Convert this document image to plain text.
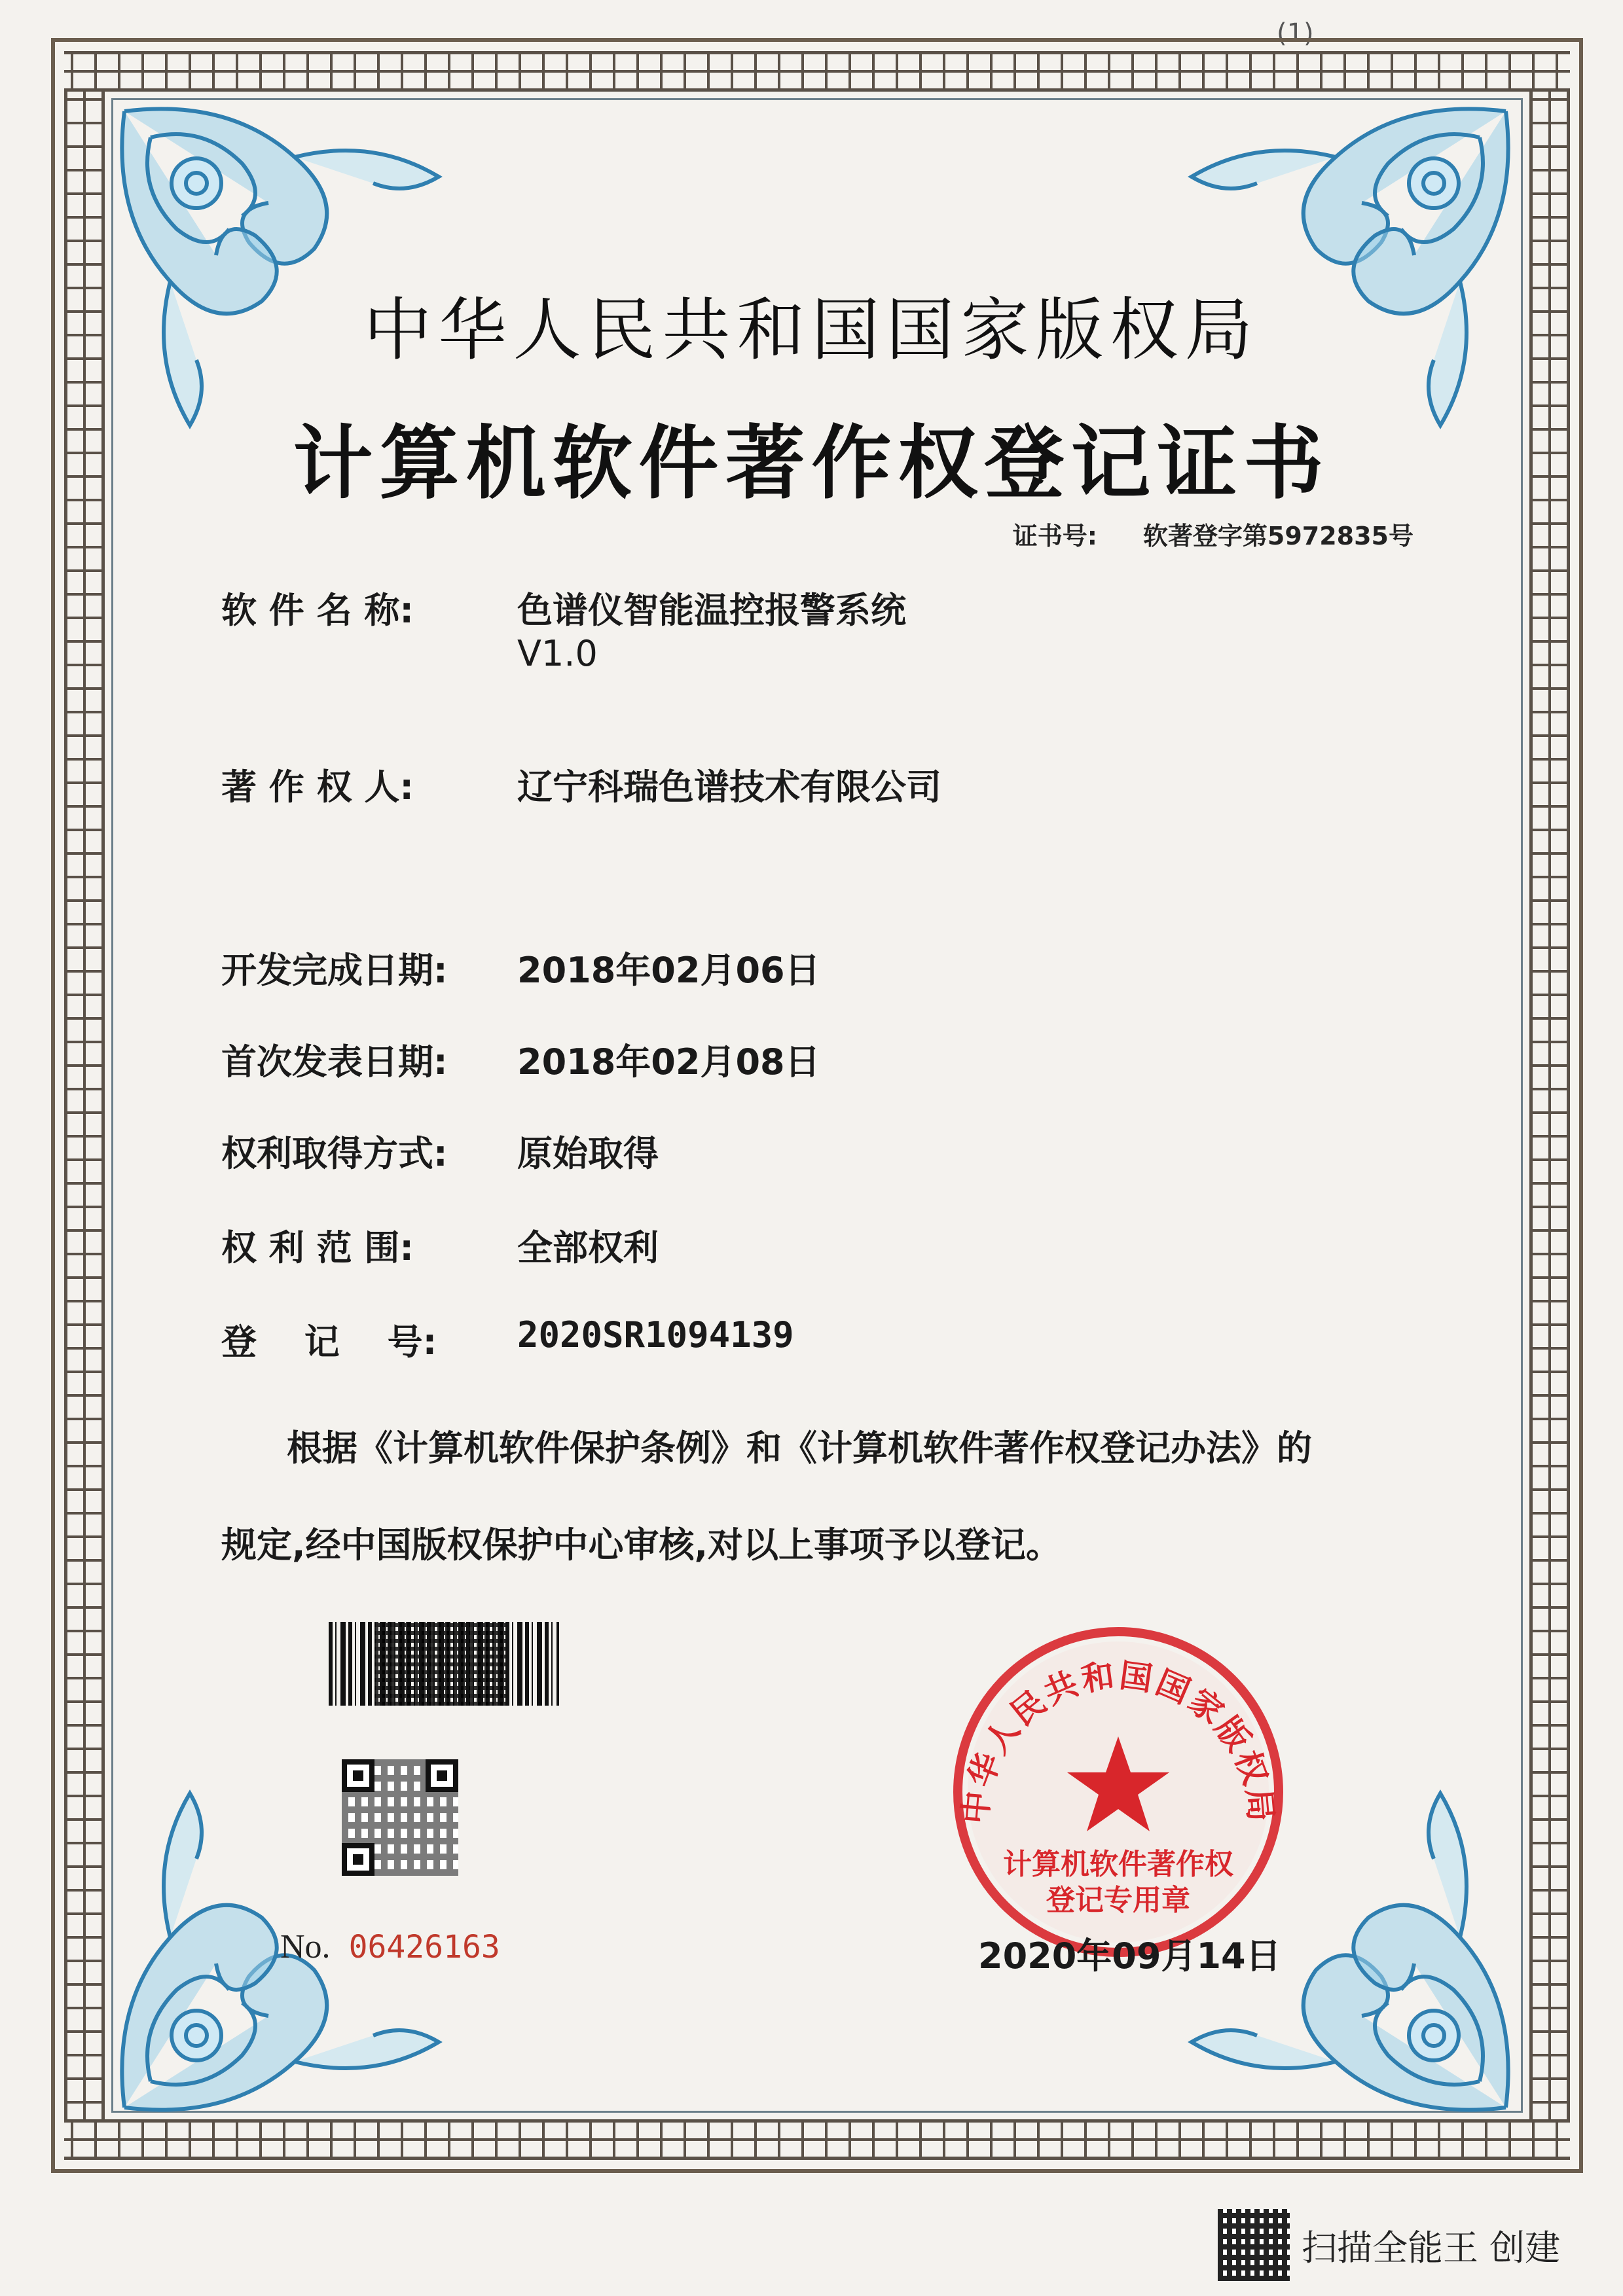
(1)
中华人民共和国国家版权局
计算机软件著作权登记证书
证书号: 软著登字第5972835号
软 件 名 称:	色谱仪智能温控报警系统
V1.0
著 作 权 人:	辽宁科瑞色谱技术有限公司
开发完成日期: 2018年02月06日
首次发表日期: 2018年02月08日
权利取得方式: 原始取得
权 利 范 围:	全部权利
登　 记　 号: 2020SR1094139
根据《计算机软件保护条例》和《计算机软件著作权登记办法》的
规定,经中国版权保护中心审核,对以上事项予以登记。
No. 06426163
中华人民共和国国家版权局
计算机软件著作权
登记专用章
2020年09月14日
扫描全能王 创建
